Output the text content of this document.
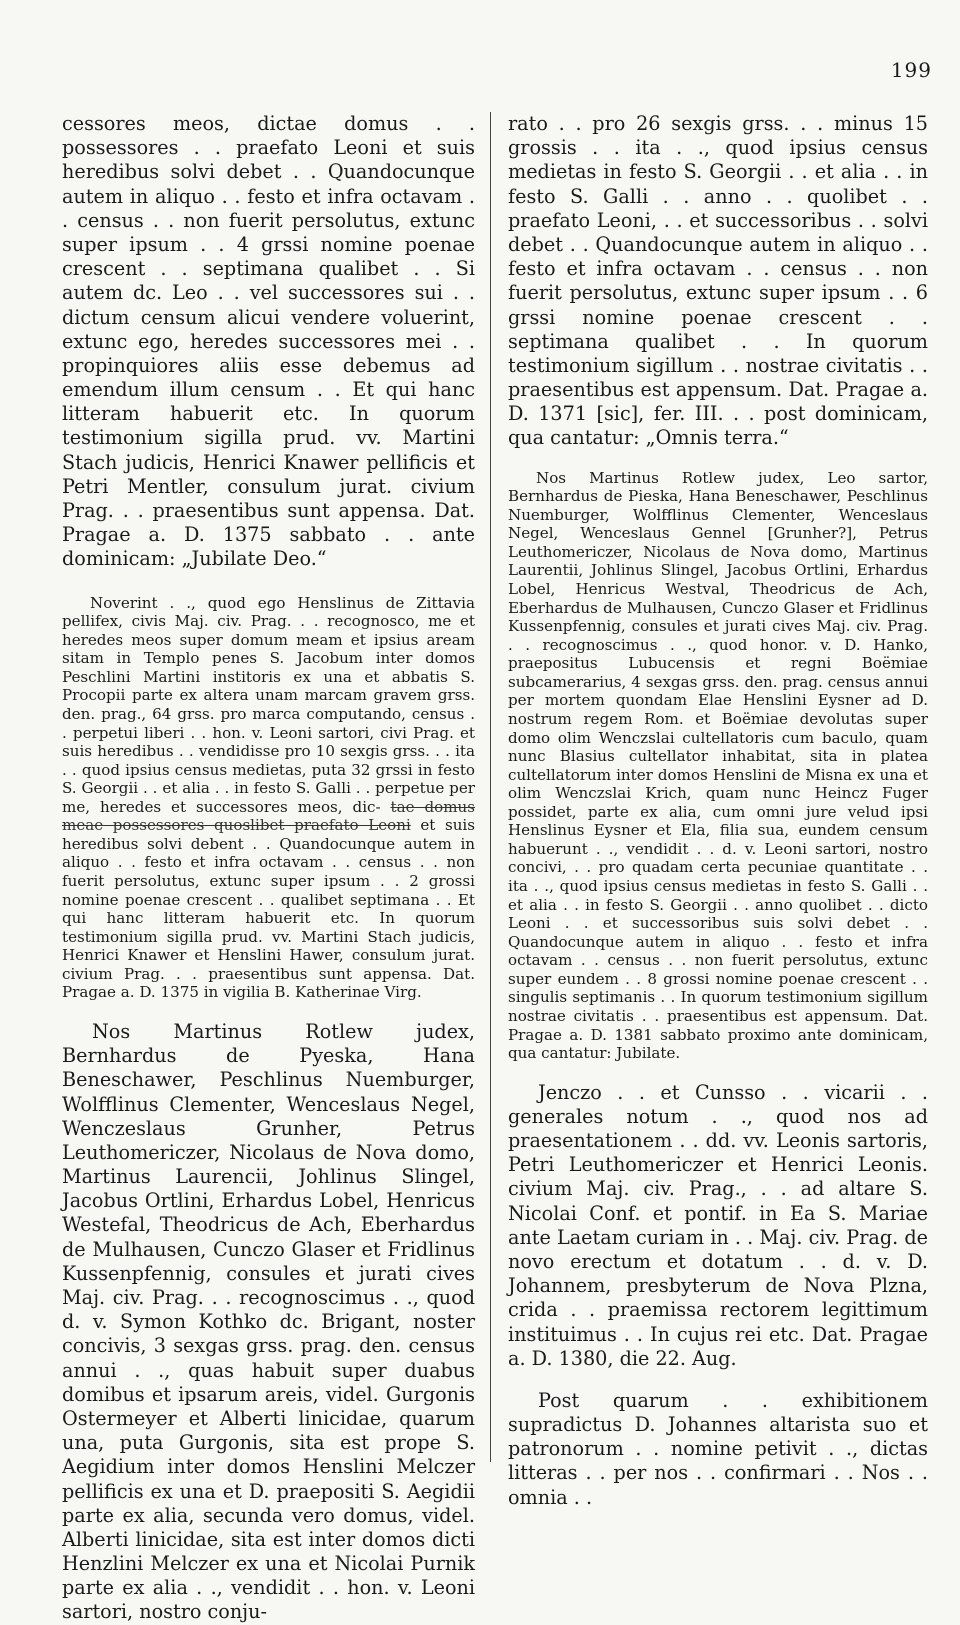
199

cessores meos, dictae domus . . possessores . . praefato Leoni et suis heredibus solvi debet . . Quandocunque autem in aliquo . . festo et infra octavam . . census . . non fuerit persolutus, extunc super ipsum . . 4 grssi nomine poenae crescent . . septimana qualibet . . Si autem dc. Leo . . vel successores sui . . dictum censum alicui vendere voluerint, extunc ego, heredes successores mei . . propinquiores aliis esse debemus ad emendum illum censum . . Et qui hanc litteram habuerit etc. In quorum testimonium sigilla prud. vv. Martini Stach judicis, Henrici Knawer pellificis et Petri Mentler, consulum jurat. civium Prag. . . praesentibus sunt appensa. Dat. Pragae a. D. 1375 sabbato . . ante dominicam: „Jubilate Deo.“

Noverint . ., quod ego Henslinus de Zittavia pellifex, civis Maj. civ. Prag. . . recognosco, me et heredes meos super domum meam et ipsius aream sitam in Templo penes S. Jacobum inter domos Peschlini Martini institoris ex una et abbatis S. Procopii parte ex altera unam marcam gravem grss. den. prag., 64 grss. pro marca computando, census . . perpetui liberi . . hon. v. Leoni sartori, civi Prag. et suis heredibus . . vendidisse pro 10 sexgis grss. . . ita . . quod ipsius census medietas, puta 32 grssi in festo S. Georgii . . et alia . . in festo S. Galli . . perpetue per me, heredes et successores meos, dic- tae domus meae possessores quoslibet praefato Leoni et suis heredibus solvi debent . . Quandocunque autem in aliquo . . festo et infra octavam . . census . . non fuerit persolutus, extunc super ipsum . . 2 grossi nomine poenae crescent . . qualibet septimana . . Et qui hanc litteram habuerit etc. In quorum testimonium sigilla prud. vv. Martini Stach judicis, Henrici Knawer et Henslini Hawer, consulum jurat. civium Prag. . . praesentibus sunt appensa. Dat. Pragae a. D. 1375 in vigilia B. Katherinae Virg.

Nos Martinus Rotlew judex, Bernhardus de Pyeska, Hana Beneschawer, Peschlinus Nuemburger, Wolfflinus Clementer, Wenceslaus Negel, Wenczeslaus Grunher, Petrus Leuthomericzer, Nicolaus de Nova domo, Martinus Laurencii, Johlinus Slingel, Jacobus Ortlini, Erhardus Lobel, Henricus Westefal, Theodricus de Ach, Eberhardus de Mulhausen, Cunczo Glaser et Fridlinus Kussenpfennig, consules et jurati cives Maj. civ. Prag. . . recognoscimus . ., quod d. v. Symon Kothko dc. Brigant, noster concivis, 3 sexgas grss. prag. den. census annui . ., quas habuit super duabus domibus et ipsarum areis, videl. Gurgonis Ostermeyer et Alberti linicidae, quarum una, puta Gurgonis, sita est prope S. Aegidium inter domos Henslini Melczer pellificis ex una et D. praepositi S. Aegidii parte ex alia, secunda vero domus, videl. Alberti linicidae, sita est inter domos dicti Henzlini Melczer ex una et Nicolai Purnik parte ex alia . ., vendidit . . hon. v. Leoni sartori, nostro conju-

rato . . pro 26 sexgis grss. . . minus 15 grossis . . ita . ., quod ipsius census medietas in festo S. Georgii . . et alia . . in festo S. Galli . . anno . . quolibet . . praefato Leoni, . . et successoribus . . solvi debet . . Quandocunque autem in aliquo . . festo et infra octavam . . census . . non fuerit persolutus, extunc super ipsum . . 6 grssi nomine poenae crescent . . septimana qualibet . . In quorum testimonium sigillum . . nostrae civitatis . . praesentibus est appensum. Dat. Pragae a. D. 1371 [sic], fer. III. . . post dominicam, qua cantatur: „Omnis terra.“

Nos Martinus Rotlew judex, Leo sartor, Bernhardus de Pieska, Hana Beneschawer, Peschlinus Nuemburger, Wolfflinus Clementer, Wenceslaus Negel, Wenceslaus Gennel [Grunher?], Petrus Leuthomericzer, Nicolaus de Nova domo, Martinus Laurentii, Johlinus Slingel, Jacobus Ortlini, Erhardus Lobel, Henricus Westval, Theodricus de Ach, Eberhardus de Mulhausen, Cunczo Glaser et Fridlinus Kussenpfennig, consules et jurati cives Maj. civ. Prag. . . recognoscimus . ., quod honor. v. D. Hanko, praepositus Lubucensis et regni Boëmiae subcamerarius, 4 sexgas grss. den. prag. census annui per mortem quondam Elae Henslini Eysner ad D. nostrum regem Rom. et Boëmiae devolutas super domo olim Wenczslai cultellatoris cum baculo, quam nunc Blasius cultellator inhabitat, sita in platea cultellatorum inter domos Henslini de Misna ex una et olim Wenczslai Krich, quam nunc Heincz Fuger possidet, parte ex alia, cum omni jure velud ipsi Henslinus Eysner et Ela, filia sua, eundem censum habuerunt . ., vendidit . . d. v. Leoni sartori, nostro concivi, . . pro quadam certa pecuniae quantitate . . ita . ., quod ipsius census medietas in festo S. Galli . . et alia . . in festo S. Georgii . . anno quolibet . . dicto Leoni . . et successoribus suis solvi debet . . Quandocunque autem in aliquo . . festo et infra octavam . . census . . non fuerit persolutus, extunc super eundem . . 8 grossi nomine poenae crescent . . singulis septimanis . . In quorum testimonium sigillum nostrae civitatis . . praesentibus est appensum. Dat. Pragae a. D. 1381 sabbato proximo ante dominicam, qua cantatur: Jubilate.

Jenczo . . et Cunsso . . vicarii . . generales notum . ., quod nos ad praesentationem . . dd. vv. Leonis sartoris, Petri Leuthomericzer et Henrici Leonis. civium Maj. civ. Prag., . . ad altare S. Nicolai Conf. et pontif. in Ea S. Mariae ante Laetam curiam in . . Maj. civ. Prag. de novo erectum et dotatum . . d. v. D. Johannem, presbyterum de Nova Plzna, crida . . praemissa rectorem legittimum instituimus . . In cujus rei etc. Dat. Pragae a. D. 1380, die 22. Aug.

Post quarum . . exhibitionem supradictus D. Johannes altarista suo et patronorum . . nomine petivit . ., dictas litteras . . per nos . . confirmari . . Nos . . omnia . .
